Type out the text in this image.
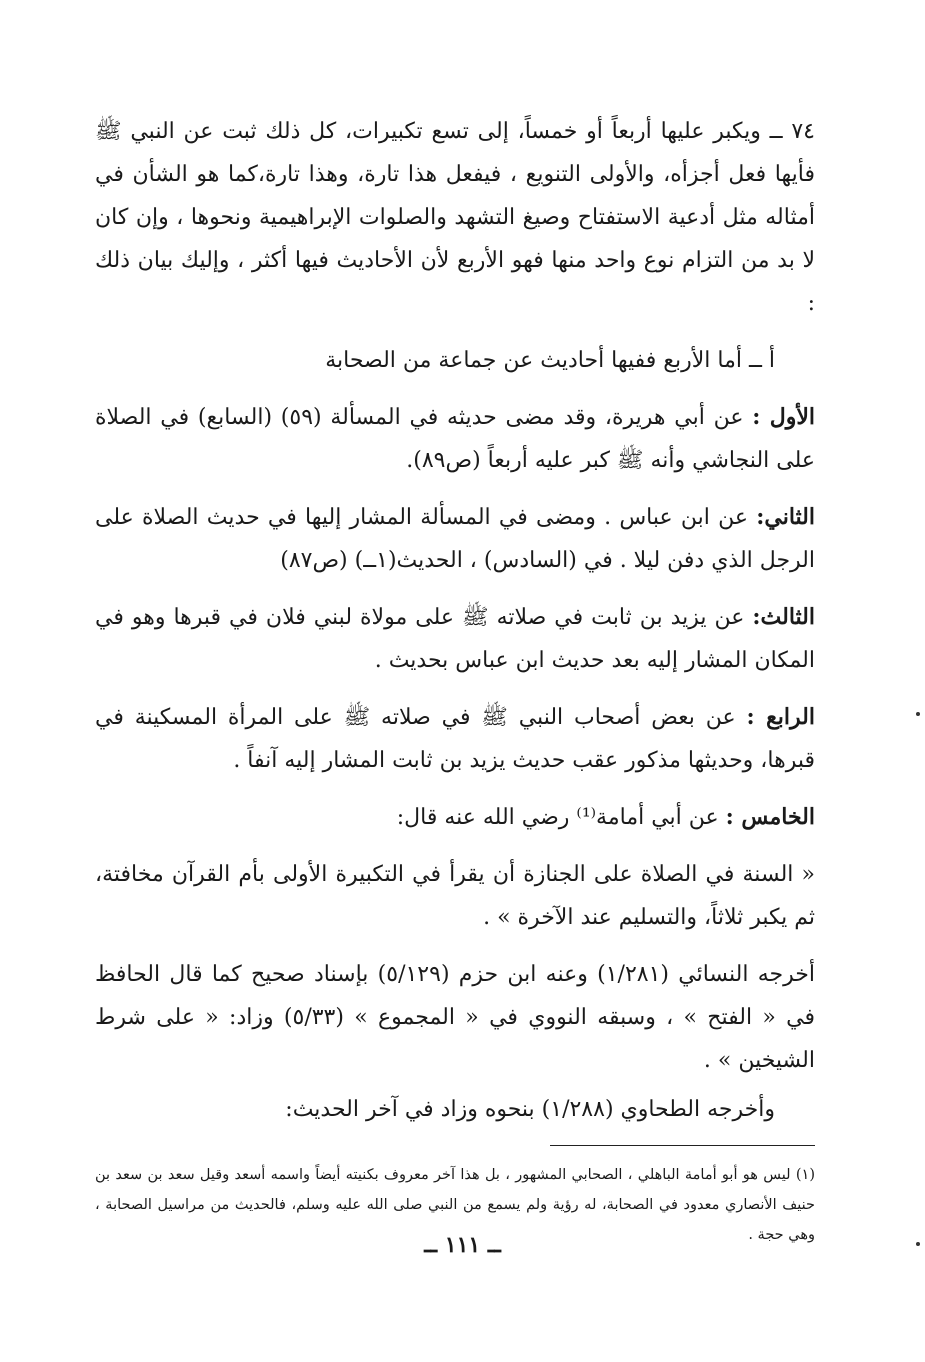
٧٤ ــ ويكبر عليها أربعاً أو خمساً، إلى تسع تكبيرات، كل ذلك ثبت عن النبي ﷺ فأيها فعل أجزأه، والأولى التنويع ، فيفعل هذا تارة، وهذا تارة،كما هو الشأن في أمثاله مثل أدعية الاستفتاح وصيغ التشهد والصلوات الإبراهيمية ونحوها ، وإن كان لا بد من التزام نوع واحد منها فهو الأربع لأن الأحاديث فيها أكثر ، وإليك بيان ذلك :

أ ــ أما الأربع ففيها أحاديث عن جماعة من الصحابة

الأول : عن أبي هريرة، وقد مضى حديثه في المسألة (٥٩) (السابع) في الصلاة على النجاشي وأنه ﷺ كبر عليه أربعاً (ص٨٩).

الثاني: عن ابن عباس . ومضى في المسألة المشار إليها في حديث الصلاة على الرجل الذي دفن ليلا . في (السادس) ، الحديث(١ــ) (ص٨٧)

الثالث: عن يزيد بن ثابت في صلاته ﷺ على مولاة لبني فلان في قبرها وهو في المكان المشار إليه بعد حديث ابن عباس بحديث .

الرابع : عن بعض أصحاب النبي ﷺ في صلاته ﷺ على المرأة المسكينة في قبرها، وحديثها مذكور عقب حديث يزيد بن ثابت المشار إليه آنفاً .

الخامس : عن أبي أمامة⁽¹⁾ رضي الله عنه قال:

« السنة في الصلاة على الجنازة أن يقرأ في التكبيرة الأولى بأم القرآن مخافتة، ثم يكبر ثلاثاً، والتسليم عند الآخرة » .

أخرجه النسائي (١/٢٨١) وعنه ابن حزم (٥/١٢٩) بإسناد صحيح كما قال الحافظ في « الفتح » ، وسبقه النووي في « المجموع » (٥/٣٣) وزاد: « على شرط الشيخين » .

وأخرجه الطحاوي (١/٢٨٨) بنحوه وزاد في آخر الحديث:

(١) ليس هو أبو أمامة الباهلي ، الصحابي المشهور ، بل هذا آخر معروف بكنيته أيضاً واسمه أسعد وقيل سعد بن سعد بن حنيف الأنصاري معدود في الصحابة، له رؤية ولم يسمع من النبي صلى الله عليه وسلم، فالحديث من مراسيل الصحابة ، وهي حجة .

ــ ١١١ ــ
